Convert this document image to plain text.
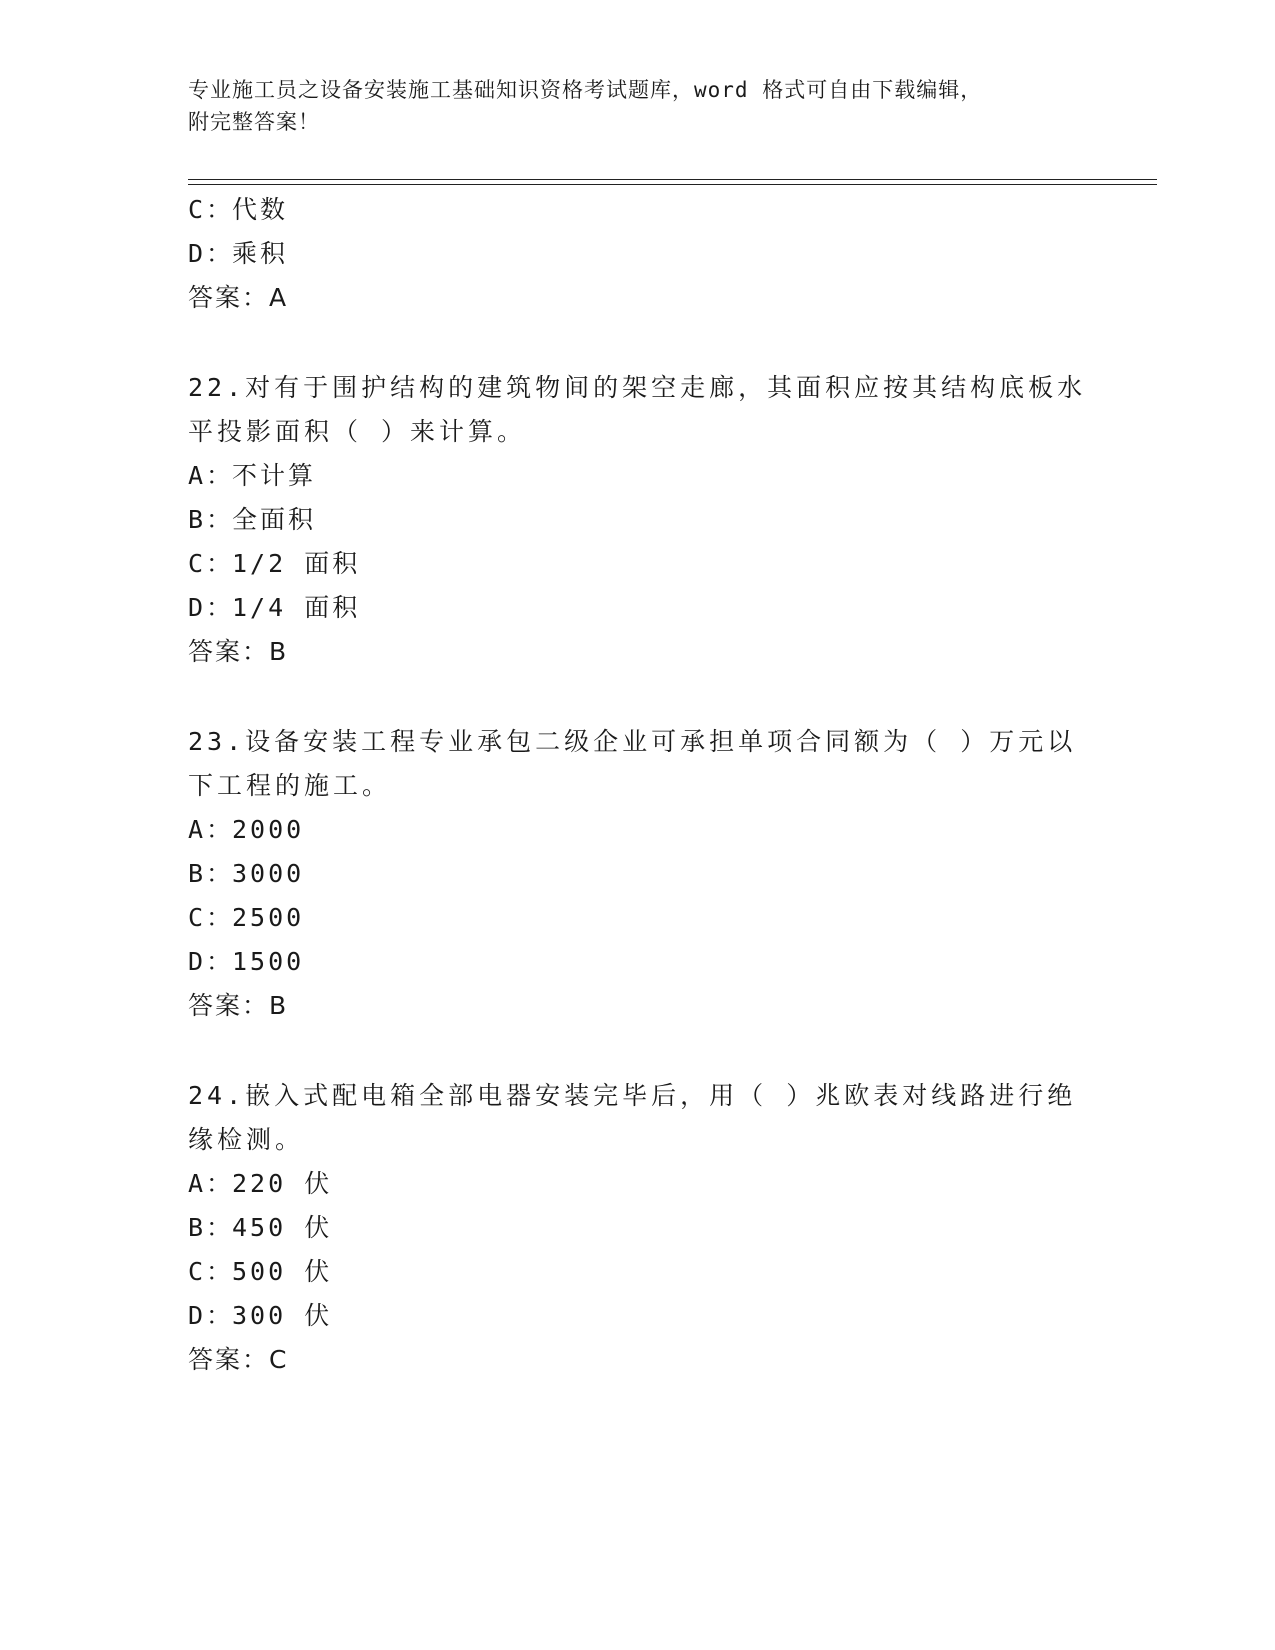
专业施工员之设备安装施工基础知识资格考试题库，word 格式可自由下载编辑，
附完整答案！
C：代数
D：乘积
答案：A
22.对有于围护结构的建筑物间的架空走廊，其面积应按其结构底板水
平投影面积（ ）来计算。
A：不计算
B：全面积
C：1/2 面积
D：1/4 面积
答案：B
23.设备安装工程专业承包二级企业可承担单项合同额为（ ）万元以
下工程的施工。
A：2000
B：3000
C：2500
D：1500
答案：B
24.嵌入式配电箱全部电器安装完毕后，用（ ）兆欧表对线路进行绝
缘检测。
A：220 伏
B：450 伏
C：500 伏
D：300 伏
答案：C
